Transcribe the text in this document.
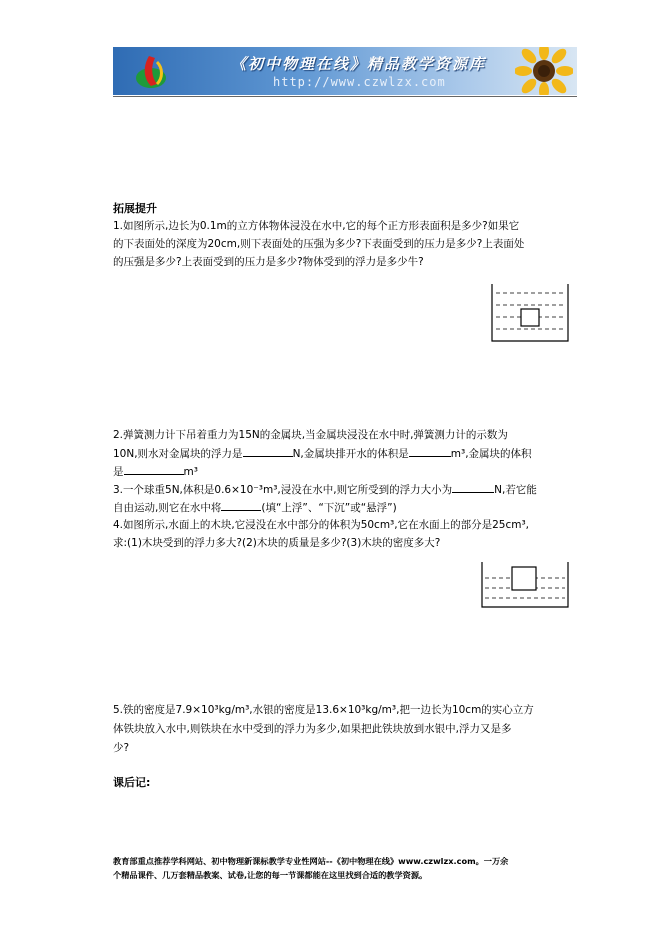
《初中物理在线》精品教学资源库
http://www.czwlzx.com
拓展提升
1.如图所示,边长为0.1m的立方体物体浸没在水中,它的每个正方形表面积是多少?如果它
的下表面处的深度为20cm,则下表面处的压强为多少?下表面受到的压力是多少?上表面处
的压强是多少?上表面受到的压力是多少?物体受到的浮力是多少牛?
2.弹簧测力计下吊着重力为15N的金属块,当金属块浸没在水中时,弹簧测力计的示数为
10N,则水对金属块的浮力是	N,金属块排开水的体积是	m³,金属块的体积
是	m³
3.一个球重5N,体积是0.6×10⁻³m³,浸没在水中,则它所受到的浮力大小为	N,若它能
自由运动,则它在水中将	(填“上浮”、“下沉”或“悬浮”)
4.如图所示,水面上的木块,它浸没在水中部分的体积为50cm³,它在水面上的部分是25cm³,
求:(1)木块受到的浮力多大?(2)木块的质量是多少?(3)木块的密度多大?
5.铁的密度是7.9×10³kg/m³,水银的密度是13.6×10³kg/m³,把一边长为10cm的实心立方
体铁块放入水中,则铁块在水中受到的浮力为多少,如果把此铁块放到水银中,浮力又是多
少?
课后记:
教育部重点推荐学科网站、初中物理新课标教学专业性网站--《初中物理在线》www.czwlzx.com。一万余
个精品课件、几万套精品教案、试卷,让您的每一节课都能在这里找到合适的教学资源。
